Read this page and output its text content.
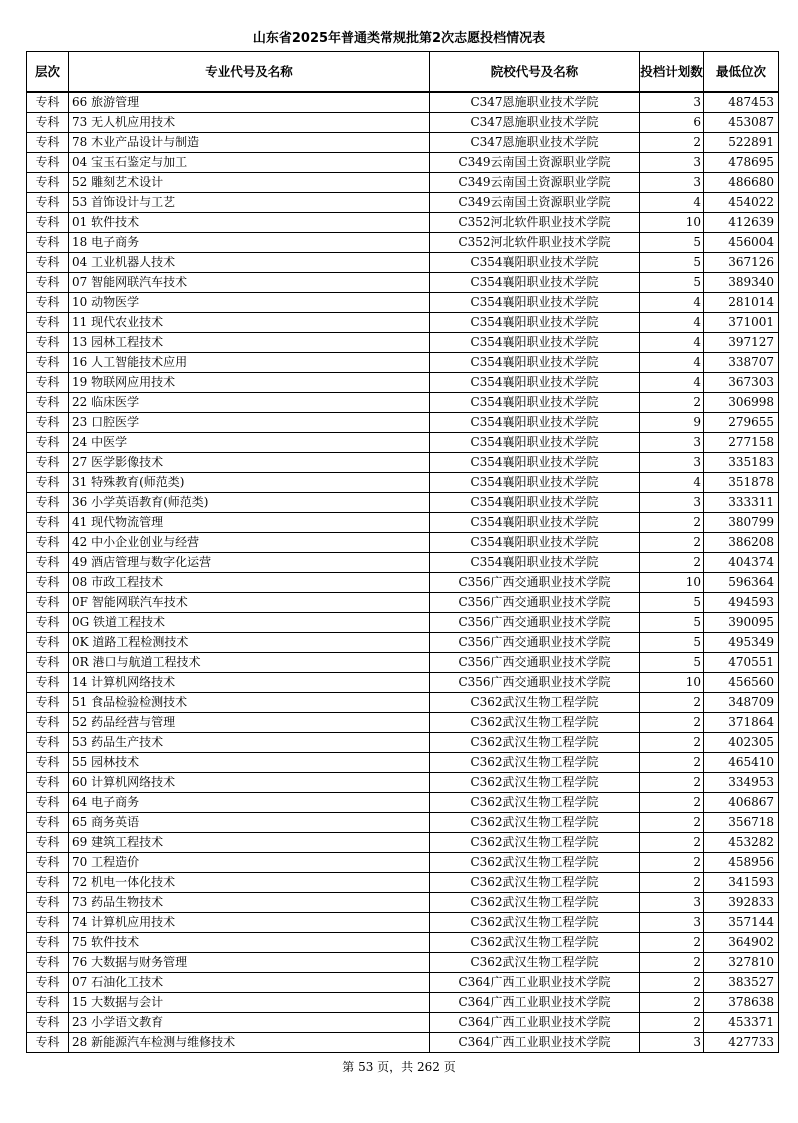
山东省2025年普通类常规批第2次志愿投档情况表
层次	专业代号及名称	院校代号及名称	投档计划数	最低位次
专科	66 旅游管理	C347恩施职业技术学院	3	487453
专科	73 无人机应用技术	C347恩施职业技术学院	6	453087
专科	78 木业产品设计与制造	C347恩施职业技术学院	2	522891
专科	04 宝玉石鉴定与加工	C349云南国土资源职业学院	3	478695
专科	52 雕刻艺术设计	C349云南国土资源职业学院	3	486680
专科	53 首饰设计与工艺	C349云南国土资源职业学院	4	454022
专科	01 软件技术	C352河北软件职业技术学院	10	412639
专科	18 电子商务	C352河北软件职业技术学院	5	456004
专科	04 工业机器人技术	C354襄阳职业技术学院	5	367126
专科	07 智能网联汽车技术	C354襄阳职业技术学院	5	389340
专科	10 动物医学	C354襄阳职业技术学院	4	281014
专科	11 现代农业技术	C354襄阳职业技术学院	4	371001
专科	13 园林工程技术	C354襄阳职业技术学院	4	397127
专科	16 人工智能技术应用	C354襄阳职业技术学院	4	338707
专科	19 物联网应用技术	C354襄阳职业技术学院	4	367303
专科	22 临床医学	C354襄阳职业技术学院	2	306998
专科	23 口腔医学	C354襄阳职业技术学院	9	279655
专科	24 中医学	C354襄阳职业技术学院	3	277158
专科	27 医学影像技术	C354襄阳职业技术学院	3	335183
专科	31 特殊教育(师范类)	C354襄阳职业技术学院	4	351878
专科	36 小学英语教育(师范类)	C354襄阳职业技术学院	3	333311
专科	41 现代物流管理	C354襄阳职业技术学院	2	380799
专科	42 中小企业创业与经营	C354襄阳职业技术学院	2	386208
专科	49 酒店管理与数字化运营	C354襄阳职业技术学院	2	404374
专科	08 市政工程技术	C356广西交通职业技术学院	10	596364
专科	0F 智能网联汽车技术	C356广西交通职业技术学院	5	494593
专科	0G 铁道工程技术	C356广西交通职业技术学院	5	390095
专科	0K 道路工程检测技术	C356广西交通职业技术学院	5	495349
专科	0R 港口与航道工程技术	C356广西交通职业技术学院	5	470551
专科	14 计算机网络技术	C356广西交通职业技术学院	10	456560
专科	51 食品检验检测技术	C362武汉生物工程学院	2	348709
专科	52 药品经营与管理	C362武汉生物工程学院	2	371864
专科	53 药品生产技术	C362武汉生物工程学院	2	402305
专科	55 园林技术	C362武汉生物工程学院	2	465410
专科	60 计算机网络技术	C362武汉生物工程学院	2	334953
专科	64 电子商务	C362武汉生物工程学院	2	406867
专科	65 商务英语	C362武汉生物工程学院	2	356718
专科	69 建筑工程技术	C362武汉生物工程学院	2	453282
专科	70 工程造价	C362武汉生物工程学院	2	458956
专科	72 机电一体化技术	C362武汉生物工程学院	2	341593
专科	73 药品生物技术	C362武汉生物工程学院	3	392833
专科	74 计算机应用技术	C362武汉生物工程学院	3	357144
专科	75 软件技术	C362武汉生物工程学院	2	364902
专科	76 大数据与财务管理	C362武汉生物工程学院	2	327810
专科	07 石油化工技术	C364广西工业职业技术学院	2	383527
专科	15 大数据与会计	C364广西工业职业技术学院	2	378638
专科	23 小学语文教育	C364广西工业职业技术学院	2	453371
专科	28 新能源汽车检测与维修技术	C364广西工业职业技术学院	3	427733
第 53 页，共 262 页
